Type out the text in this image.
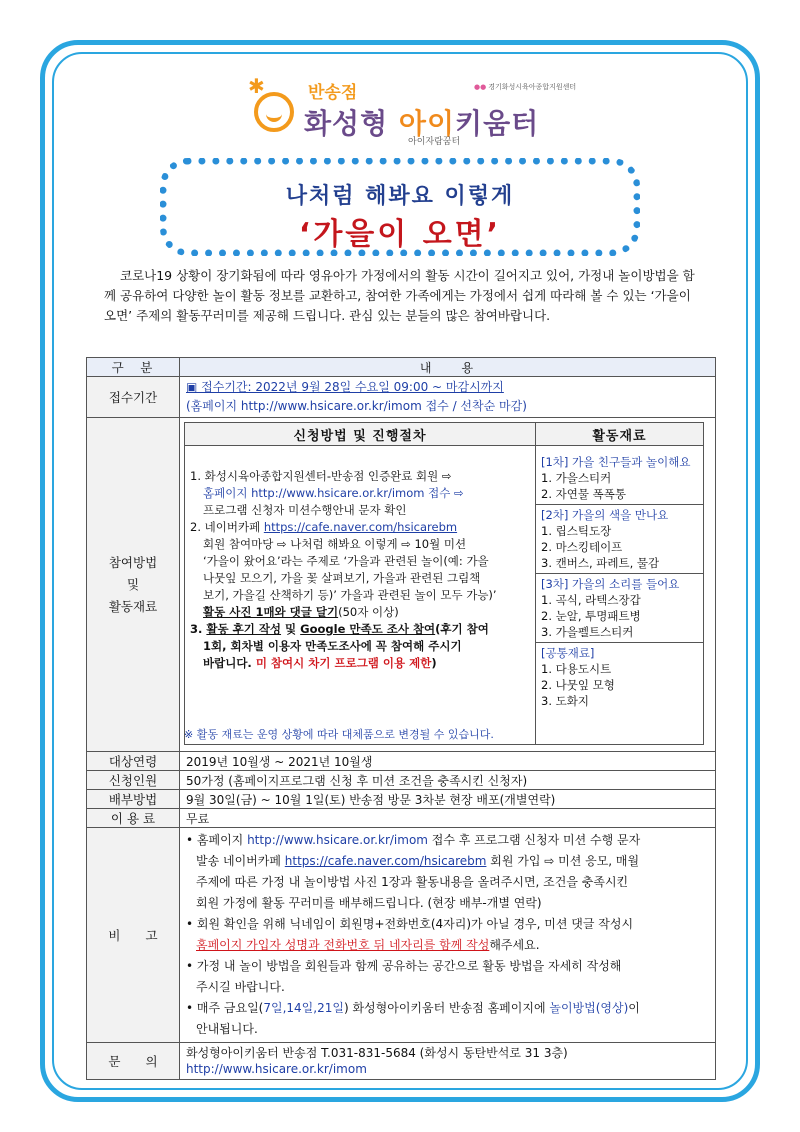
✱	반송점
●●	경기화성시육아종합지원센터
화성형 아이키움터
아이자람꿈터
나처럼 해봐요 이렇게
‘가을이 오면’
코로나19 상황이 장기화됨에 따라 영유아가 가정에서의 활동 시간이 길어지고 있어, 가정내 놀이방법을 함께 공유하여 다양한 놀이 활동 정보를 교환하고, 참여한 가족에게는 가정에서 쉽게 따라해 볼 수 있는 ‘가을이 오면’ 주제의 활동꾸러미를 제공해 드립니다. 관심 있는 분들의 많은 참여바랍니다.
구　분	내　　용
접수기간	
▣ 접수기간: 2022년 9월 28일 수요일 09:00 ~ 마감시까지
(홈페이지 http://www.hsicare.or.kr/imom 접수 / 선착순 마감)

참여방법
및
활동재료

신청방법 및 진행절차	활동재료

1. 화성시육아종합지원센터-반송점 인증완료 회원 ⇨
홈페이지 http://www.hsicare.or.kr/imom 접수 ⇨
프로그램 신청자 미션수행안내 문자 확인
2. 네이버카페 https://cafe.naver.com/hsicarebm
회원 참여마당 ⇨ 나처럼 해봐요 이렇게 ⇨ 10월 미션
‘가을이 왔어요’라는 주제로 ‘가을과 관련된 놀이(예: 가을
나뭇잎 모으기, 가을 꽃 살펴보기, 가을과 관련된 그림책
보기, 가을길 산책하기 등)’ 가을과 관련된 놀이 모두 가능)’
활동 사진 1매와 댓글 달기(50자 이상)
3. 활동 후기 작성 및 Google 만족도 조사 참여(후기 참여
1회, 회차별 이용자 만족도조사에 꼭 참여해 주시기
바랍니다. 미 참여시 차기 프로그램 이용 제한)

[1차] 가을 친구들과 놀이해요
1. 가을스티커
2. 자연물 폭폭통
[2차] 가을의 색을 만나요
1. 립스틱도장
2. 마스킹테이프
3. 캔버스, 파레트, 물감
[3차] 가을의 소리를 들어요
1. 곡식, 라텍스장갑
2. 눈알, 투명패트병
3. 가을펠트스티커
[공통재료]
1. 다용도시트
2. 나뭇잎 모형
3. 도화지
※ 활동 재료는 운영 상황에 따라 대체품으로 변경될 수 있습니다.

대상연령	2019년 10월생 ~ 2021년 10월생
신청인원	50가정 (홈페이지프로그램 신청 후 미션 조건을 충족시킨 신청자)
배부방법	9월 30일(금) ~ 10월 1일(토) 반송점 방문 3차분 현장 배포(개별연락)
이 용 료	무료
비　　고	
• 홈페이지 http://www.hsicare.or.kr/imom 접수 후 프로그램 신청자 미션 수행 문자
발송 네이버카페 https://cafe.naver.com/hsicarebm 회원 가입 ⇨ 미션 응모, 매월
주제에 따른 가정 내 놀이방법 사진 1장과 활동내용을 올려주시면, 조건을 충족시킨
회원 가정에 활동 꾸러미를 배부해드립니다. (현장 배부-개별 연락)
• 회원 확인을 위해 닉네임이 회원명+전화번호(4자리)가 아닐 경우, 미션 댓글 작성시
홈페이지 가입자 성명과 전화번호 뒤 네자리를 함께 작성해주세요.
• 가정 내 놀이 방법을 회원들과 함께 공유하는 공간으로 활동 방법을 자세히 작성해
주시길 바랍니다.
• 매주 금요일(7일,14일,21일) 화성형아이키움터 반송점 홈페이지에 놀이방법(영상)이
안내됩니다.

문　　의	
화성형아이키움터 반송점 T.031-831-5684 (화성시 동탄반석로 31 3층)
http://www.hsicare.or.kr/imom
